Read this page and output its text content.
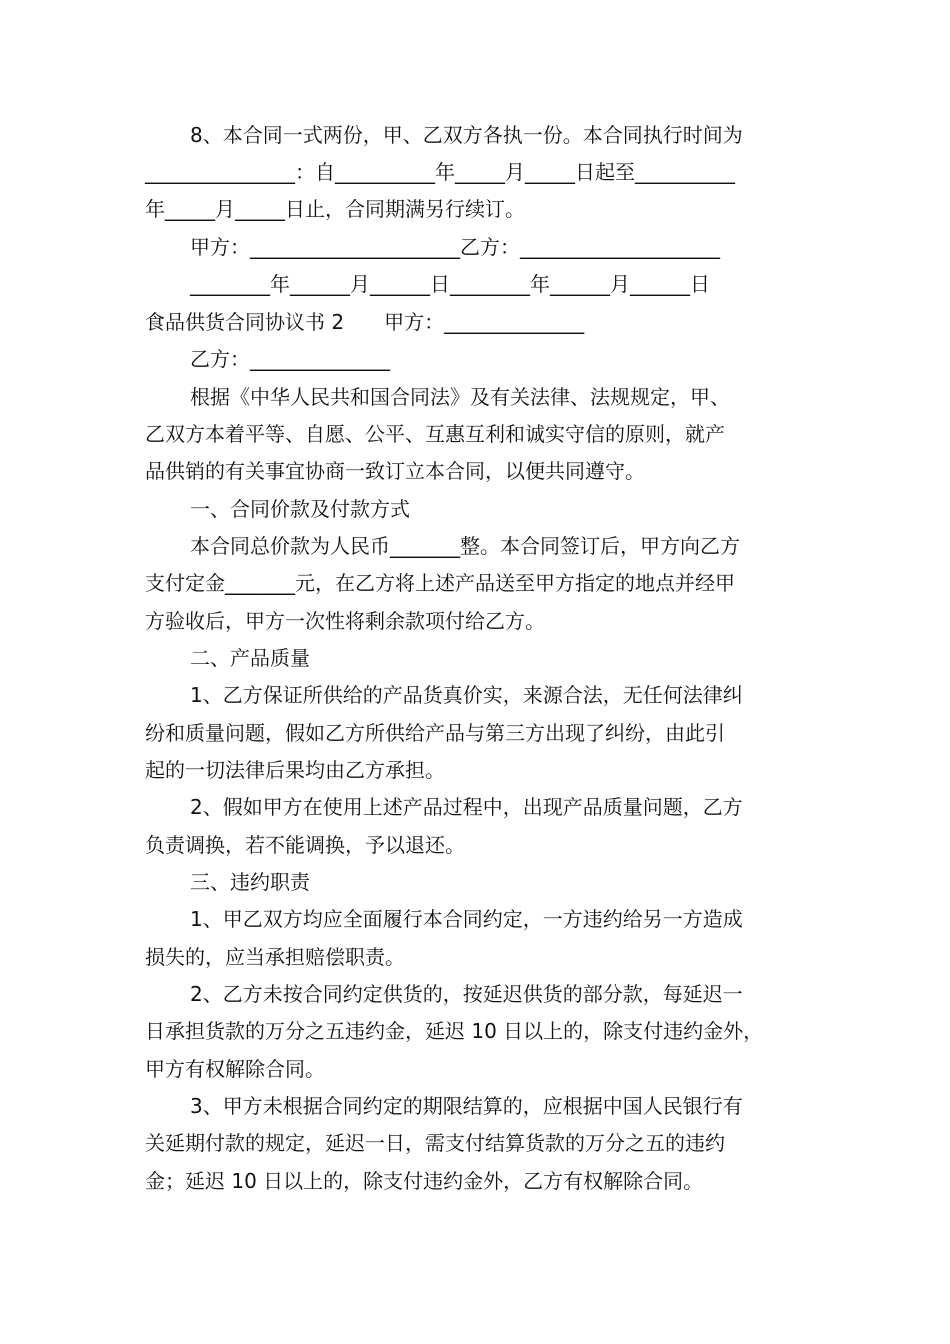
8、本合同一式两份，甲、乙双方各执一份。本合同执行时间为

_______________：自__________年_____月_____日起至__________

年_____月_____日止，合同期满另行续订。

甲方：_____________________乙方：____________________

________年______月______日________年______月______日

食品供货合同协议书 2　　甲方：______________

乙方：______________

根据《中华人民共和国合同法》及有关法律、法规规定，甲、

乙双方本着平等、自愿、公平、互惠互利和诚实守信的原则，就产

品供销的有关事宜协商一致订立本合同，以便共同遵守。

一、合同价款及付款方式

本合同总价款为人民币_______整。本合同签订后，甲方向乙方

支付定金_______元，在乙方将上述产品送至甲方指定的地点并经甲

方验收后，甲方一次性将剩余款项付给乙方。

二、产品质量

1、乙方保证所供给的产品货真价实，来源合法，无任何法律纠

纷和质量问题，假如乙方所供给产品与第三方出现了纠纷，由此引

起的一切法律后果均由乙方承担。

2、假如甲方在使用上述产品过程中，出现产品质量问题，乙方

负责调换，若不能调换，予以退还。

三、违约职责

1、甲乙双方均应全面履行本合同约定，一方违约给另一方造成

损失的，应当承担赔偿职责。

2、乙方未按合同约定供货的，按延迟供货的部分款，每延迟一

日承担货款的万分之五违约金，延迟 10 日以上的，除支付违约金外，

甲方有权解除合同。

3、甲方未根据合同约定的期限结算的，应根据中国人民银行有

关延期付款的规定，延迟一日，需支付结算货款的万分之五的违约

金；延迟 10 日以上的，除支付违约金外，乙方有权解除合同。
